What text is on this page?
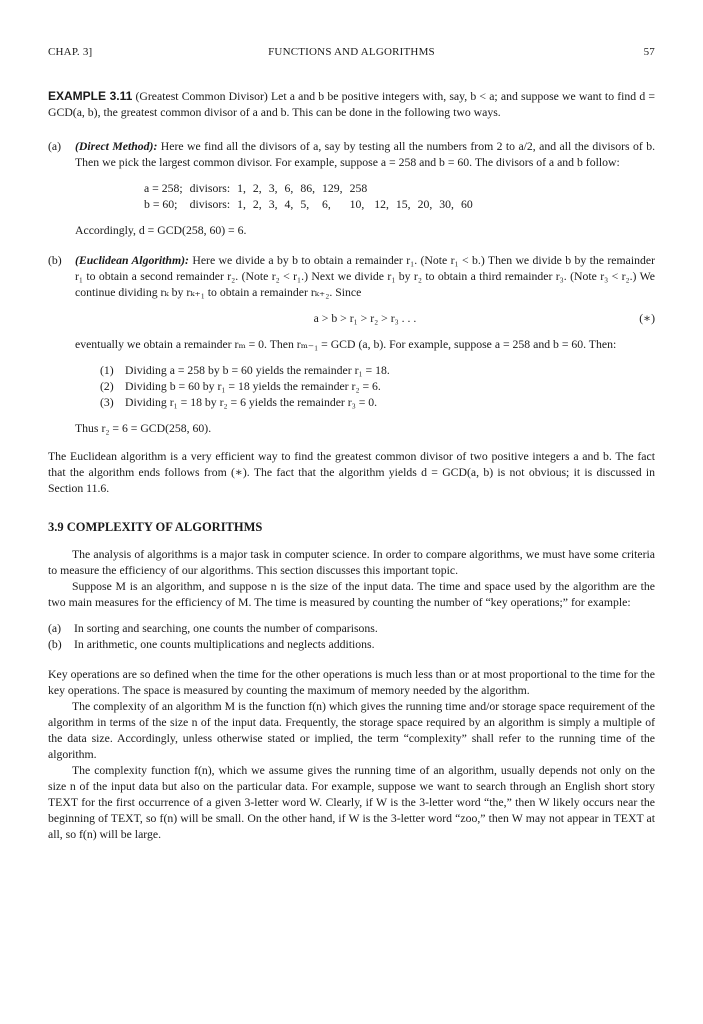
CHAP. 3]	FUNCTIONS AND ALGORITHMS	57

EXAMPLE 3.11 (Greatest Common Divisor) Let a and b be positive integers with, say, b < a; and suppose we want to find d = GCD(a, b), the greatest common divisor of a and b. This can be done in the following two ways.

(a) (Direct Method): Here we find all the divisors of a, say by testing all the numbers from 2 to a/2, and all the divisors of b. Then we pick the largest common divisor. For example, suppose a = 258 and b = 60. The divisors of a and b follow:

a = 258;	divisors:	1,	2,	3,	6,	86,	129,	258					
b = 60;	divisors:	1,	2,	3,	4,	5,	6,	10,	12,	15,	20,	30,	60

Accordingly, d = GCD(258, 60) = 6.

(b) (Euclidean Algorithm): Here we divide a by b to obtain a remainder r₁. (Note r₁ < b.) Then we divide b by the remainder r₁ to obtain a second remainder r₂. (Note r₂ < r₁.) Next we divide r₁ by r₂ to obtain a third remainder r₃. (Note r₃ < r₂.) We continue dividing rₖ by rₖ₊₁ to obtain a remainder rₖ₊₂. Since

a > b > r₁ > r₂ > r₃ . . .	(∗)

eventually we obtain a remainder rₘ = 0. Then rₘ₋₁ = GCD (a, b). For example, suppose a = 258 and b = 60. Then:

(1) Dividing a = 258 by b = 60 yields the remainder r₁ = 18.
(2) Dividing b = 60 by r₁ = 18 yields the remainder r₂ = 6.
(3) Dividing r₁ = 18 by r₂ = 6 yields the remainder r₃ = 0.

Thus r₂ = 6 = GCD(258, 60).

The Euclidean algorithm is a very efficient way to find the greatest common divisor of two positive integers a and b. The fact that the algorithm ends follows from (∗). The fact that the algorithm yields d = GCD(a, b) is not obvious; it is discussed in Section 11.6.

3.9 COMPLEXITY OF ALGORITHMS

The analysis of algorithms is a major task in computer science. In order to compare algorithms, we must have some criteria to measure the efficiency of our algorithms. This section discusses this important topic.

Suppose M is an algorithm, and suppose n is the size of the input data. The time and space used by the algorithm are the two main measures for the efficiency of M. The time is measured by counting the number of “key operations;” for example:

(a) In sorting and searching, one counts the number of comparisons.
(b) In arithmetic, one counts multiplications and neglects additions.

Key operations are so defined when the time for the other operations is much less than or at most proportional to the time for the key operations. The space is measured by counting the maximum of memory needed by the algorithm.

The complexity of an algorithm M is the function f(n) which gives the running time and/or storage space requirement of the algorithm in terms of the size n of the input data. Frequently, the storage space required by an algorithm is simply a multiple of the data size. Accordingly, unless otherwise stated or implied, the term “complexity” shall refer to the running time of the algorithm.

The complexity function f(n), which we assume gives the running time of an algorithm, usually depends not only on the size n of the input data but also on the particular data. For example, suppose we want to search through an English short story TEXT for the first occurrence of a given 3-letter word W. Clearly, if W is the 3-letter word “the,” then W likely occurs near the beginning of TEXT, so f(n) will be small. On the other hand, if W is the 3-letter word “zoo,” then W may not appear in TEXT at all, so f(n) will be large.
